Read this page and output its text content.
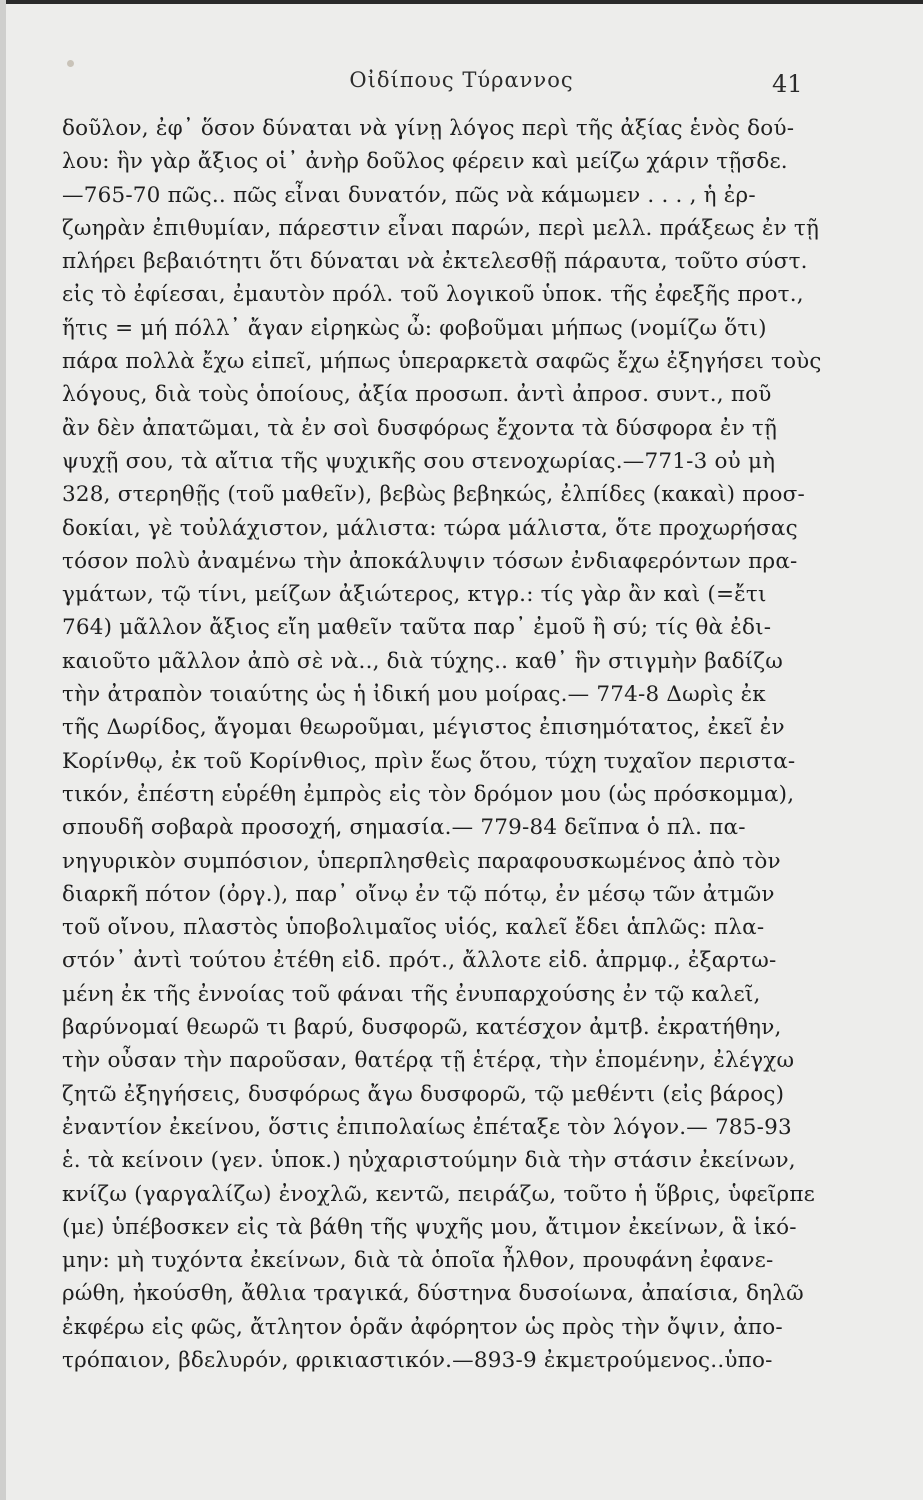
Οἰδίπους Τύραννος	41
δοῦλον, ἐφ᾿ ὅσον δύναται νὰ γίνῃ λόγος περὶ τῆς ἀξίας ἑνὸς δού-
λου: ἣν γὰρ ἄξιος οἱ᾿ ἀνὴρ δοῦλος φέρειν καὶ μείζω χάριν τῇσδε.
—765-70 πῶς.. πῶς εἶναι δυνατόν, πῶς νὰ κάμωμεν . . . , ἡ ἐρ-
ζωηρὰν ἐπιθυμίαν, πάρεστιν εἶναι παρών, περὶ μελλ. πράξεως ἐν τῇ
πλήρει βεβαιότητι ὅτι δύναται νὰ ἐκτελεσθῇ πάραυτα, τοῦτο σύστ.
εἰς τὸ ἐφίεσαι, ἐμαυτὸν πρόλ. τοῦ λογικοῦ ὑποκ. τῆς ἐφεξῆς προτ.,
ἥτις = μή πόλλ᾿ ἄγαν εἰρηκὼς ὦ: φοβοῦμαι μήπως (νομίζω ὅτι)
πάρα πολλὰ ἔχω εἰπεῖ, μήπως ὑπεραρκετὰ σαφῶς ἔχω ἐξηγήσει τοὺς
λόγους, διὰ τοὺς ὁποίους, ἀξία προσωπ. ἀντὶ ἀπροσ. συντ., ποῦ
ἂν δὲν ἀπατῶμαι, τὰ ἐν σοὶ δυσφόρως ἔχοντα τὰ δύσφορα ἐν τῇ
ψυχῇ σου, τὰ αἴτια τῆς ψυχικῆς σου στενοχωρίας.—771-3 οὐ μὴ
328, στερηθῇς (τοῦ μαθεῖν), βεβὼς βεβηκώς, ἐλπίδες (κακαὶ) προσ-
δοκίαι, γὲ τοὐλάχιστον, μάλιστα: τώρα μάλιστα, ὅτε προχωρήσας
τόσον πολὺ ἀναμένω τὴν ἀποκάλυψιν τόσων ἐνδιαφερόντων πρα-
γμάτων, τῷ τίνι, μείζων ἀξιώτερος, κτγρ.: τίς γὰρ ἂν καὶ (=ἔτι
764) μᾶλλον ἄξιος εἴη μαθεῖν ταῦτα παρ᾿ ἐμοῦ ἢ σύ; τίς θὰ ἐδι-
καιοῦτο μᾶλλον ἀπὸ σὲ νὰ.., διὰ τύχης.. καθ᾿ ἣν στιγμὴν βαδίζω
τὴν ἀτραπὸν τοιαύτης ὡς ἡ ἰδική μου μοίρας.— 774-8 Δωρὶς ἐκ
τῆς Δωρίδος, ἄγομαι θεωροῦμαι, μέγιστος ἐπισημότατος, ἐκεῖ ἐν
Κορίνθῳ, ἐκ τοῦ Κορίνθιος, πρὶν ἕως ὅτου, τύχη τυχαῖον περιστα-
τικόν, ἐπέστη εὑρέθη ἐμπρὸς εἰς τὸν δρόμον μου (ὡς πρόσκομμα),
σπουδῆ σοβαρὰ προσοχή, σημασία.— 779-84 δεῖπνα ὁ πλ. πα-
νηγυρικὸν συμπόσιον, ὑπερπλησθεὶς παραφουσκωμένος ἀπὸ τὸν
διαρκῆ πότον (ὀργ.), παρ᾿ οἴνῳ ἐν τῷ πότῳ, ἐν μέσῳ τῶν ἀτμῶν
τοῦ οἴνου, πλαστὸς ὑποβολιμαῖος υἱός, καλεῖ ἔδει ἁπλῶς: πλα-
στόν᾿ ἀντὶ τούτου ἐτέθη εἰδ. πρότ., ἄλλοτε εἰδ. ἀπρμφ., ἐξαρτω-
μένη ἐκ τῆς ἐννοίας τοῦ φάναι τῆς ἐνυπαρχούσης ἐν τῷ καλεῖ,
βαρύνομαί θεωρῶ τι βαρύ, δυσφορῶ, κατέσχον ἀμτβ. ἐκρατήθην,
τὴν οὖσαν τὴν παροῦσαν, θατέρᾳ τῇ ἑτέρᾳ, τὴν ἑπομένην, ἐλέγχω
ζητῶ ἐξηγήσεις, δυσφόρως ἄγω δυσφορῶ, τῷ μεθέντι (εἰς βάρος)
ἐναντίον ἐκείνου, ὅστις ἐπιπολαίως ἐπέταξε τὸν λόγον.— 785-93
ἑ. τὰ κείνοιν (γεν. ὑποκ.) ηὐχαριστούμην διὰ τὴν στάσιν ἐκείνων,
κνίζω (γαργαλίζω) ἐνοχλῶ, κεντῶ, πειράζω, τοῦτο ἡ ὕβρις, ὑφεῖρπε
(με) ὑπέβοσκεν εἰς τὰ βάθη τῆς ψυχῆς μου, ἄτιμον ἐκείνων, ἃ ἱκό-
μην: μὴ τυχόντα ἐκείνων, διὰ τὰ ὁποῖα ἦλθον, προυφάνη ἐφανε-
ρώθη, ἠκούσθη, ἄθλια τραγικά, δύστηνα δυσοίωνα, ἀπαίσια, δηλῶ
ἐκφέρω εἰς φῶς, ἄτλητον ὁρᾶν ἀφόρητον ὡς πρὸς τὴν ὄψιν, ἀπο-
τρόπαιον, βδελυρόν, φρικιαστικόν.—893-9 ἐκμετρούμενος..ὑπο-
